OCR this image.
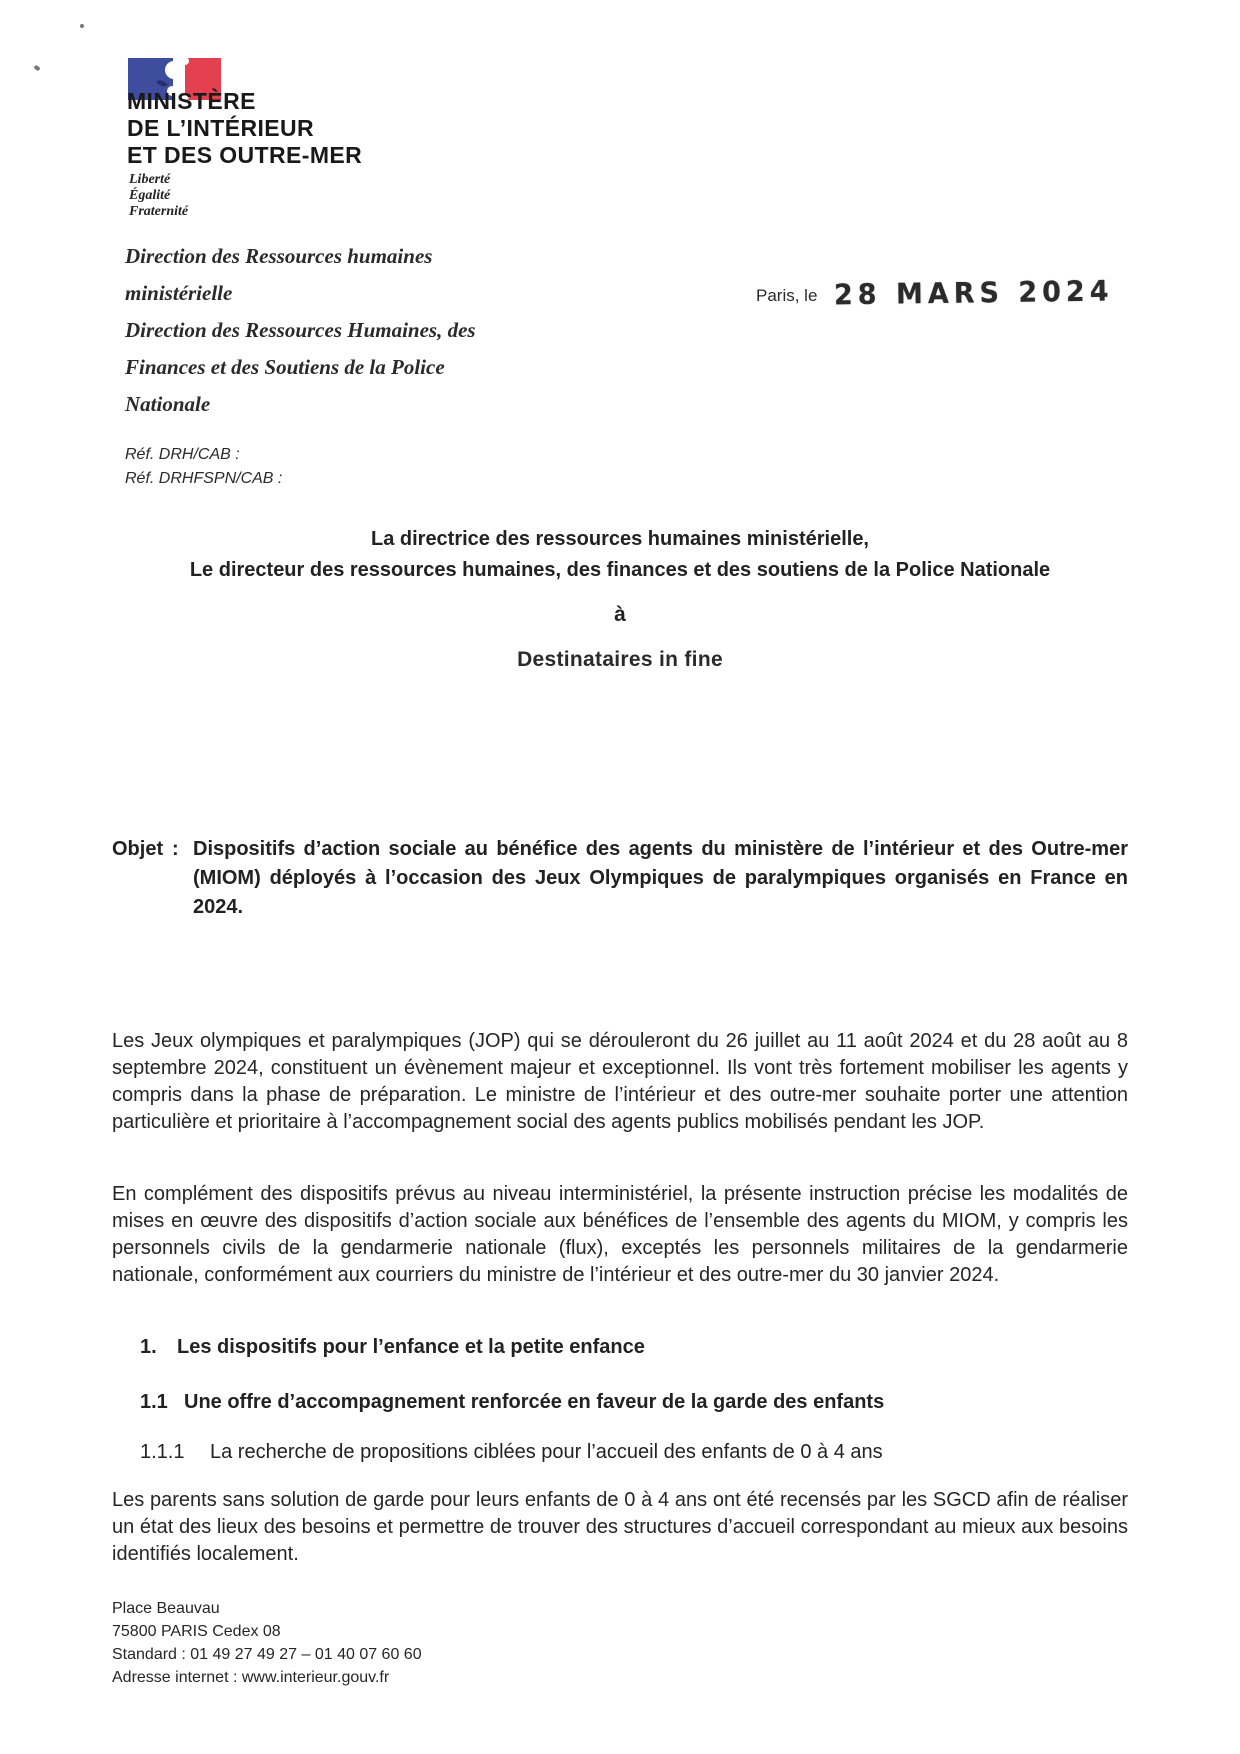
MINISTÈRE
DE L’INTÉRIEUR
ET DES OUTRE-MER
Liberté
Égalité
Fraternité
Direction des Ressources humaines
ministérielle
Direction des Ressources Humaines, des
Finances et des Soutiens de la Police
Nationale
Paris, le 28 MARS 2024
Réf. DRH/CAB :
Réf. DRHFSPN/CAB :
La directrice des ressources humaines ministérielle,
Le directeur des ressources humaines, des finances et des soutiens de la Police Nationale
à
Destinataires in fine
Objet : Dispositifs d’action sociale au bénéfice des agents du ministère de l’intérieur et des Outre-mer (MIOM) déployés à l’occasion des Jeux Olympiques de paralympiques organisés en France en 2024.
Les Jeux olympiques et paralympiques (JOP) qui se dérouleront du 26 juillet au 11 août 2024 et du 28 août au 8 septembre 2024, constituent un évènement majeur et exceptionnel. Ils vont très fortement mobiliser les agents y compris dans la phase de préparation. Le ministre de l’intérieur et des outre-mer souhaite porter une attention particulière et prioritaire à l’accompagnement social des agents publics mobilisés pendant les JOP.
En complément des dispositifs prévus au niveau interministériel, la présente instruction précise les modalités de mises en œuvre des dispositifs d’action sociale aux bénéfices de l’ensemble des agents du MIOM, y compris les personnels civils de la gendarmerie nationale (flux), exceptés les personnels militaires de la gendarmerie nationale, conformément aux courriers du ministre de l’intérieur et des outre-mer du 30 janvier 2024.
1.	Les dispositifs pour l’enfance et la petite enfance
1.1 Une offre d’accompagnement renforcée en faveur de la garde des enfants
1.1.1	La recherche de propositions ciblées pour l’accueil des enfants de 0 à 4 ans
Les parents sans solution de garde pour leurs enfants de 0 à 4 ans ont été recensés par les SGCD afin de réaliser un état des lieux des besoins et permettre de trouver des structures d’accueil correspondant au mieux aux besoins identifiés localement.
Place Beauvau
75800 PARIS Cedex 08
Standard : 01 49 27 49 27 – 01 40 07 60 60
Adresse internet : www.interieur.gouv.fr
